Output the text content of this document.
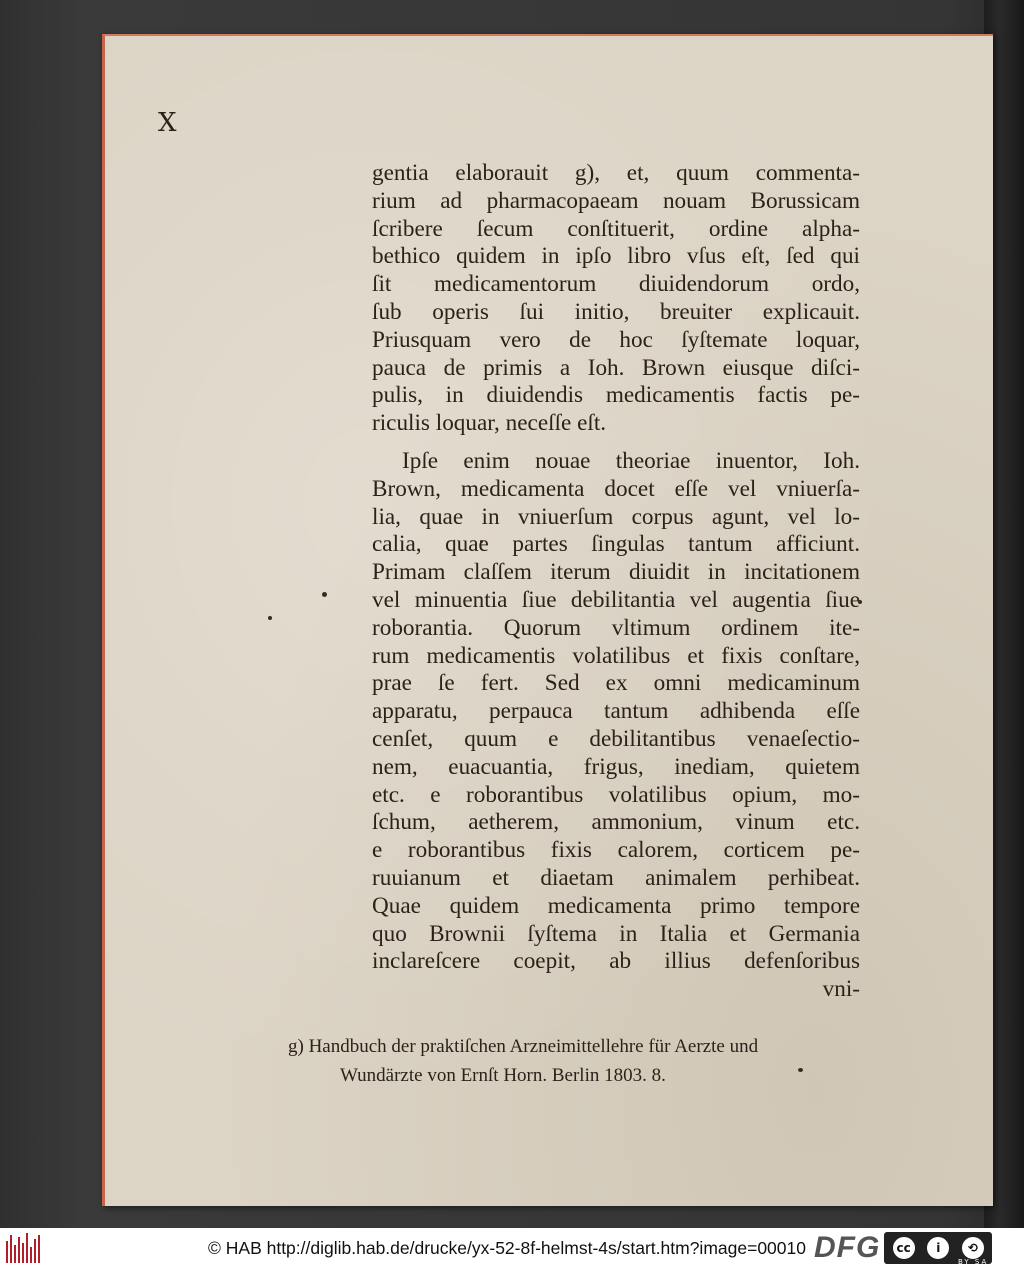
X
gentia elaborauit g), et, quum commenta-
rium ad pharmacopaeam nouam Borussicam
ſcribere ſecum conſtituerit, ordine alpha-
bethico quidem in ipſo libro vſus eſt, ſed qui
ſit medicamentorum diuidendorum ordo,
ſub operis ſui initio, breuiter explicauit.
Priusquam vero de hoc ſyſtemate loquar,
pauca de primis a Ioh. Brown eiusque diſci-
pulis, in diuidendis medicamentis factis pe-
riculis loquar, neceſſe eſt.
Ipſe enim nouae theoriae inuentor, Ioh.
Brown, medicamenta docet eſſe vel vniuerſa-
lia, quae in vniuerſum corpus agunt, vel lo-
calia, quae partes ſingulas tantum afficiunt.
Primam claſſem iterum diuidit in incitationem
vel minuentia ſiue debilitantia vel augentia ſiue
roborantia. Quorum vltimum ordinem ite-
rum medicamentis volatilibus et fixis conſtare,
prae ſe fert. Sed ex omni medicaminum
apparatu, perpauca tantum adhibenda eſſe
cenſet, quum e debilitantibus venaeſectio-
nem, euacuantia, frigus, inediam, quietem
etc. e roborantibus volatilibus opium, mo-
ſchum, aetherem, ammonium, vinum etc.
e roborantibus fixis calorem, corticem pe-
ruuianum et diaetam animalem perhibeat.
Quae quidem medicamenta primo tempore
quo Brownii ſyſtema in Italia et Germania
inclareſcere coepit, ab illius defenſoribus
vni-
g) Handbuch der praktiſchen Arzneimittellehre für Aerzte und
Wundärzte von Ernſt Horn. Berlin 1803. 8.
© HAB http://diglib.hab.de/drucke/yx-52-8f-helmst-4s/start.htm?image=00010 DFG	cc	i	⟲
BY SA
